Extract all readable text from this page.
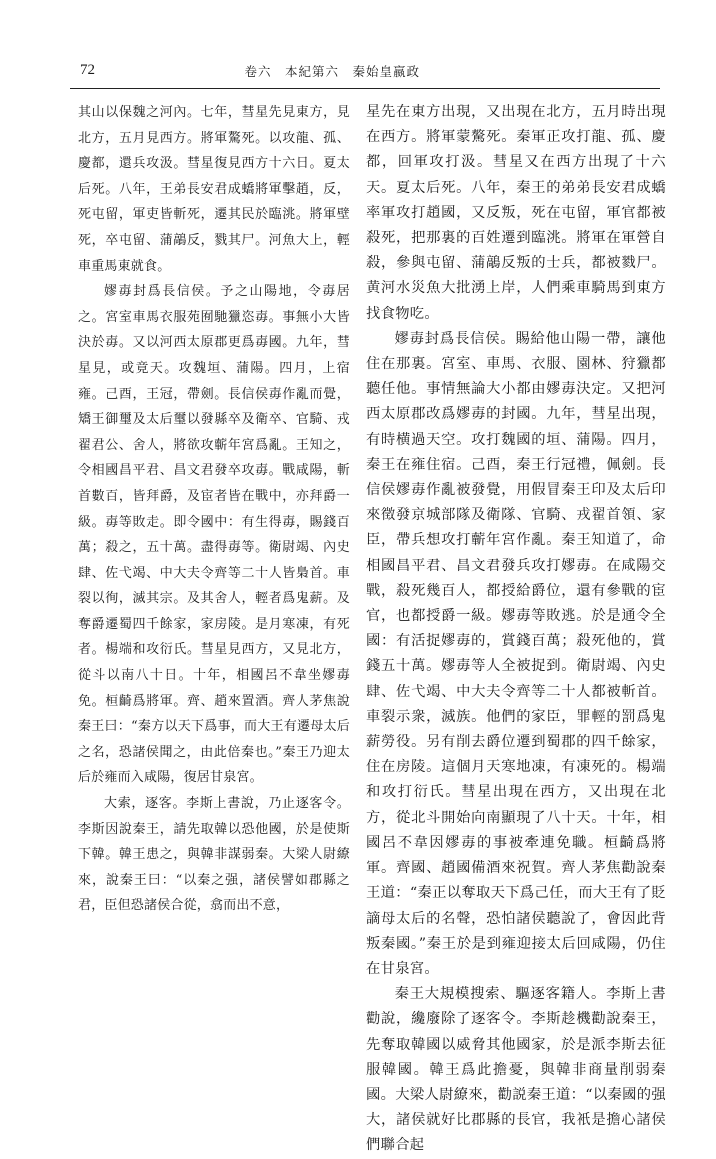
72	卷六　本紀第六　秦始皇嬴政

其山以保魏之河內。七年，彗星先見東方，見北方，五月見西方。將軍驁死。以攻龍、孤、慶都，還兵攻汲。彗星復見西方十六日。夏太后死。八年，王弟長安君成蟜將軍擊趙，反，死屯留，軍吏皆斬死，遷其民於臨洮。將軍壁死，卒屯留、蒲鶮反，戮其尸。河魚大上，輕車重馬東就食。

嫪毐封爲長信侯。予之山陽地，令毐居之。宮室車馬衣服苑囿馳獵恣毐。事無小大皆決於毐。又以河西太原郡更爲毐國。九年，彗星見，或竟天。攻魏垣、蒲陽。四月，上宿雍。己酉，王冠，帶劍。長信侯毐作亂而覺，矯王御璽及太后璽以發縣卒及衛卒、官騎、戎翟君公、舍人，將欲攻蘄年宮爲亂。王知之，令相國昌平君、昌文君發卒攻毐。戰咸陽，斬首數百，皆拜爵，及宦者皆在戰中，亦拜爵一級。毐等敗走。即令國中：有生得毐，賜錢百萬；殺之，五十萬。盡得毐等。衛尉竭、內史肆、佐弋竭、中大夫令齊等二十人皆梟首。車裂以徇，滅其宗。及其舍人，輕者爲鬼薪。及奪爵遷蜀四千餘家，家房陵。是月寒凍，有死者。楊端和攻衍氏。彗星見西方，又見北方，從斗以南八十日。十年，相國呂不韋坐嫪毐免。桓齮爲將軍。齊、趙來置酒。齊人茅焦說秦王曰：“秦方以天下爲事，而大王有遷母太后之名，恐諸侯聞之，由此倍秦也。”秦王乃迎太后於雍而入咸陽，復居甘泉宮。

大索，逐客。李斯上書說，乃止逐客令。李斯因說秦王，請先取韓以恐他國，於是使斯下韓。韓王患之，與韓非謀弱秦。大梁人尉繚來，說秦王曰：“以秦之强，諸侯譬如郡縣之君，臣但恐諸侯合從，翕而出不意，

星先在東方出現，又出現在北方，五月時出現在西方。將軍蒙驁死。秦軍正攻打龍、孤、慶都，回軍攻打汲。彗星又在西方出現了十六天。夏太后死。八年，秦王的弟弟長安君成蟜率軍攻打趙國，又反叛，死在屯留，軍官都被殺死，把那裏的百姓遷到臨洮。將軍在軍營自殺，參與屯留、蒲鶮反叛的士兵，都被戮尸。黄河水災魚大批湧上岸，人們乘車騎馬到東方找食物吃。

嫪毐封爲長信侯。賜給他山陽一帶，讓他住在那裏。宮室、車馬、衣服、園林、狩獵都聽任他。事情無論大小都由嫪毐決定。又把河西太原郡改爲嫪毐的封國。九年，彗星出現，有時横過天空。攻打魏國的垣、蒲陽。四月，秦王在雍住宿。己酉，秦王行冠禮，佩劍。長信侯嫪毐作亂被發覺，用假冒秦王印及太后印來徵發京城部隊及衛隊、官騎、戎翟首領、家臣，帶兵想攻打蘄年宮作亂。秦王知道了，命相國昌平君、昌文君發兵攻打嫪毐。在咸陽交戰，殺死幾百人，都授給爵位，還有參戰的宦官，也都授爵一級。嫪毐等敗逃。於是通令全國：有活捉嫪毐的，賞錢百萬；殺死他的，賞錢五十萬。嫪毐等人全被捉到。衛尉竭、內史肆、佐弋竭、中大夫令齊等二十人都被斬首。車裂示衆，滅族。他們的家臣，罪輕的罰爲鬼薪勞役。另有削去爵位遷到蜀郡的四千餘家，住在房陵。這個月天寒地凍，有凍死的。楊端和攻打衍氏。彗星出現在西方，又出現在北方，從北斗開始向南顯現了八十天。十年，相國呂不韋因嫪毐的事被牽連免職。桓齮爲將軍。齊國、趙國備酒來祝賀。齊人茅焦勸說秦王道：“秦正以奪取天下爲己任，而大王有了貶謫母太后的名聲，恐怕諸侯聽說了，會因此背叛秦國。”秦王於是到雍迎接太后回咸陽，仍住在甘泉宮。

秦王大規模搜索、驅逐客籍人。李斯上書勸說，纔廢除了逐客令。李斯趁機勸說秦王，先奪取韓國以威脅其他國家，於是派李斯去征服韓國。韓王爲此擔憂，與韓非商量削弱秦國。大梁人尉繚來，勸説秦王道：“以秦國的强大，諸侯就好比郡縣的長官，我衹是擔心諸侯們聯合起
